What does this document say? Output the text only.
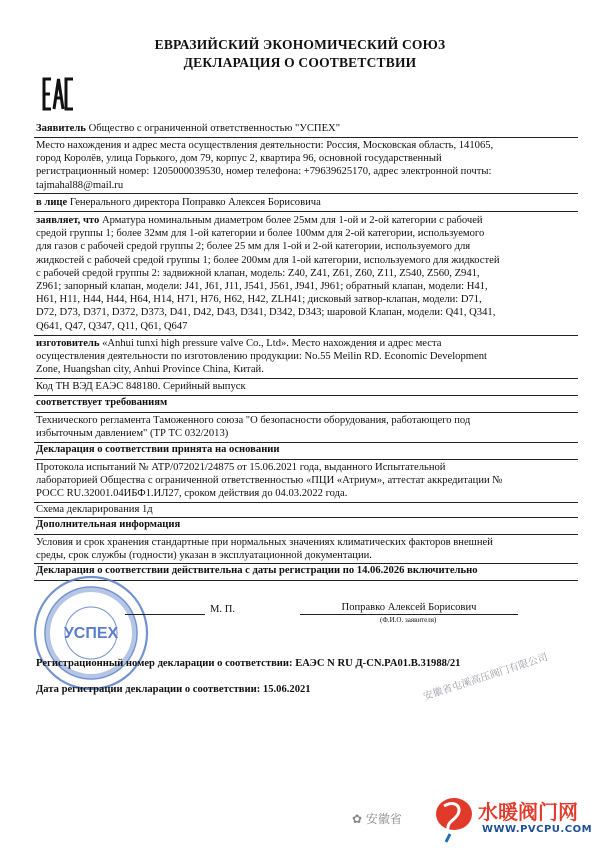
ЕВРАЗИЙСКИЙ ЭКОНОМИЧЕСКИЙ СОЮЗ
ДЕКЛАРАЦИЯ О СООТВЕТСТВИИ
Заявитель Общество с ограниченной ответственностью "УСПЕХ"
Место нахождения и адрес места осуществления деятельности: Россия, Московская область, 141065,
город Королёв, улица Горького, дом 79, корпус 2, квартира 96, основной государственный
регистрационный номер: 1205000039530, номер телефона: +79639625170, адрес электронной почты:
tajmahal88@mail.ru
в лице Генерального директора Поправко Алексея Борисовича
заявляет, что Арматура номинальным диаметром более 25мм для 1-ой и 2-ой категории с рабочей
средой группы 1; более 32мм для 1-ой категории и более 100мм для 2-ой категории, используемого
для газов с рабочей средой группы 2; более 25 мм для 1-ой и 2-ой категории, используемого для
жидкостей с рабочей средой группы 1; более 200мм для 1-ой категории, используемого для жидкостей
с рабочей средой группы 2: задвижной клапан, модель: Z40, Z41, Z61, Z60, Z11, Z540, Z560, Z941,
Z961; запорный клапан, модели: J41, J61, J11, J541, J561, J941, J961; обратный клапан, модели: H41,
H61, H11, H44, H44, H64, H14, H71, H76, H62, H42, ZLH41; дисковый затвор-клапан, модели: D71,
D72, D73, D371, D372, D373, D41, D42, D43, D341, D342, D343; шаровой Клапан, модели: Q41, Q341,
Q641, Q47, Q347, Q11, Q61, Q647
изготовитель «Anhui tunxi high pressure valve Co., Ltd». Место нахождения и адрес места
осуществления деятельности по изготовлению продукции: No.55 Meilin RD. Economic Development
Zone, Huangshan city, Anhui Province China, Китай.
Код ТН ВЭД ЕАЭС 848180. Серийный выпуск
соответствует требованиям
Технического регламента Таможенного союза "О безопасности оборудования, работающего под
избыточным давлением" (ТР ТС 032/2013)
Декларация о соответствии принята на основании
Протокола испытаний № ATP/072021/24875 от 15.06.2021 года, выданного Испытательной
лабораторией Общества с ограниченной ответственностью «ПЦИ «Атриум», аттестат аккредитации №
РОСС RU.32001.04ИБФ1.ИЛ27, сроком действия до 04.03.2022 года.
Схема декларирования 1д
Дополнительная информация
Условия и срок хранения стандартные при нормальных значениях климатических факторов внешней
среды, срок службы (годности) указан в эксплуатационной документации.
Декларация о соответствии действительна с даты регистрации по 14.06.2026 включительно
УСПЕХ
М. П.	Поправко Алексей Борисович
(Ф.И.О. заявителя)
Регистрационный номер декларации о соответствии: ЕАЭС N RU Д-CN.PA01.B.31988/21
Дата регистрации декларации о соответствии: 15.06.2021	安徽省屯溪高压阀门有限公司
✿ 安徽省	水暖阀门网
WWW.PVCPU.COM
